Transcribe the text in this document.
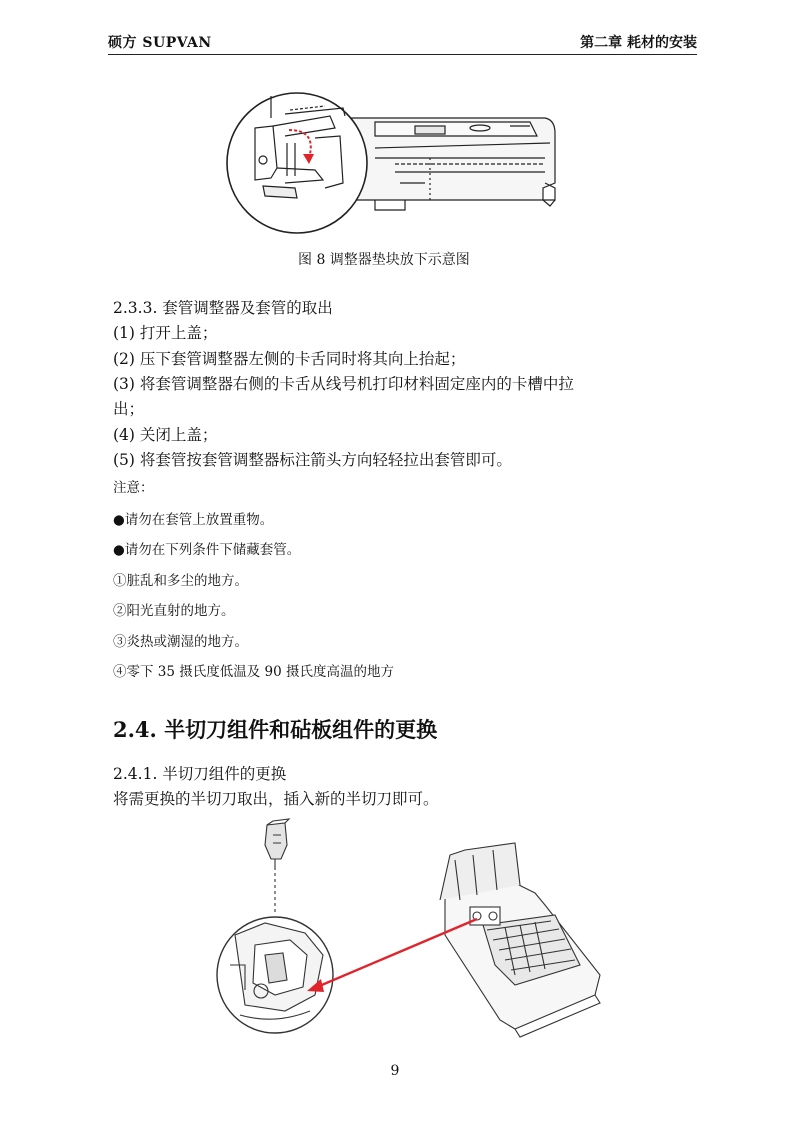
硕方 SUPVAN	第二章 耗材的安装
图 8 调整器垫块放下示意图
2.3.3. 套管调整器及套管的取出
(1) 打开上盖；
(2) 压下套管调整器左侧的卡舌同时将其向上抬起；
(3) 将套管调整器右侧的卡舌从线号机打印材料固定座内的卡槽中拉
出；
(4) 关闭上盖；
(5) 将套管按套管调整器标注箭头方向轻轻拉出套管即可。
注意：
●请勿在套管上放置重物。
●请勿在下列条件下储藏套管。
①脏乱和多尘的地方。
②阳光直射的地方。
③炎热或潮湿的地方。
④零下 35 摄氏度低温及 90 摄氏度高温的地方
2.4. 半切刀组件和砧板组件的更换
2.4.1. 半切刀组件的更换
将需更换的半切刀取出，插入新的半切刀即可。
9
